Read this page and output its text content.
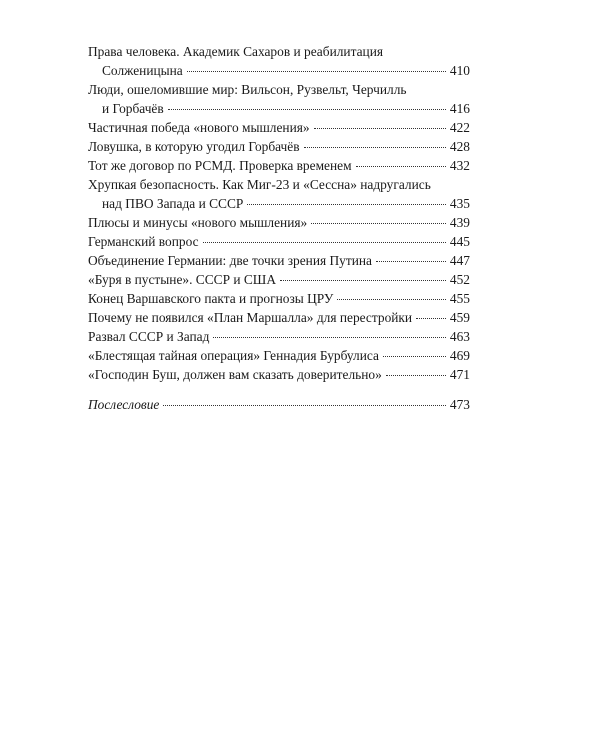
Права человека. Академик Сахаров и реабилитация
Солженицына	410
Люди, ошеломившие мир: Вильсон, Рузвельт, Черчилль
и Горбачёв	416
Частичная победа «нового мышления»	422
Ловушка, в которую угодил Горбачёв	428
Тот же договор по РСМД. Проверка временем	432
Хрупкая безопасность. Как Миг-23 и «Сессна» надругались
над ПВО Запада и СССР	435
Плюсы и минусы «нового мышления»	439
Германский вопрос	445
Объединение Германии: две точки зрения Путина	447
«Буря в пустыне». СССР и США	452
Конец Варшавского пакта и прогнозы ЦРУ	455
Почему не появился «План Маршалла» для перестройки	459
Развал СССР и Запад	463
«Блестящая тайная операция» Геннадия Бурбулиса	469
«Господин Буш, должен вам сказать доверительно»	471
Послесловие	473
